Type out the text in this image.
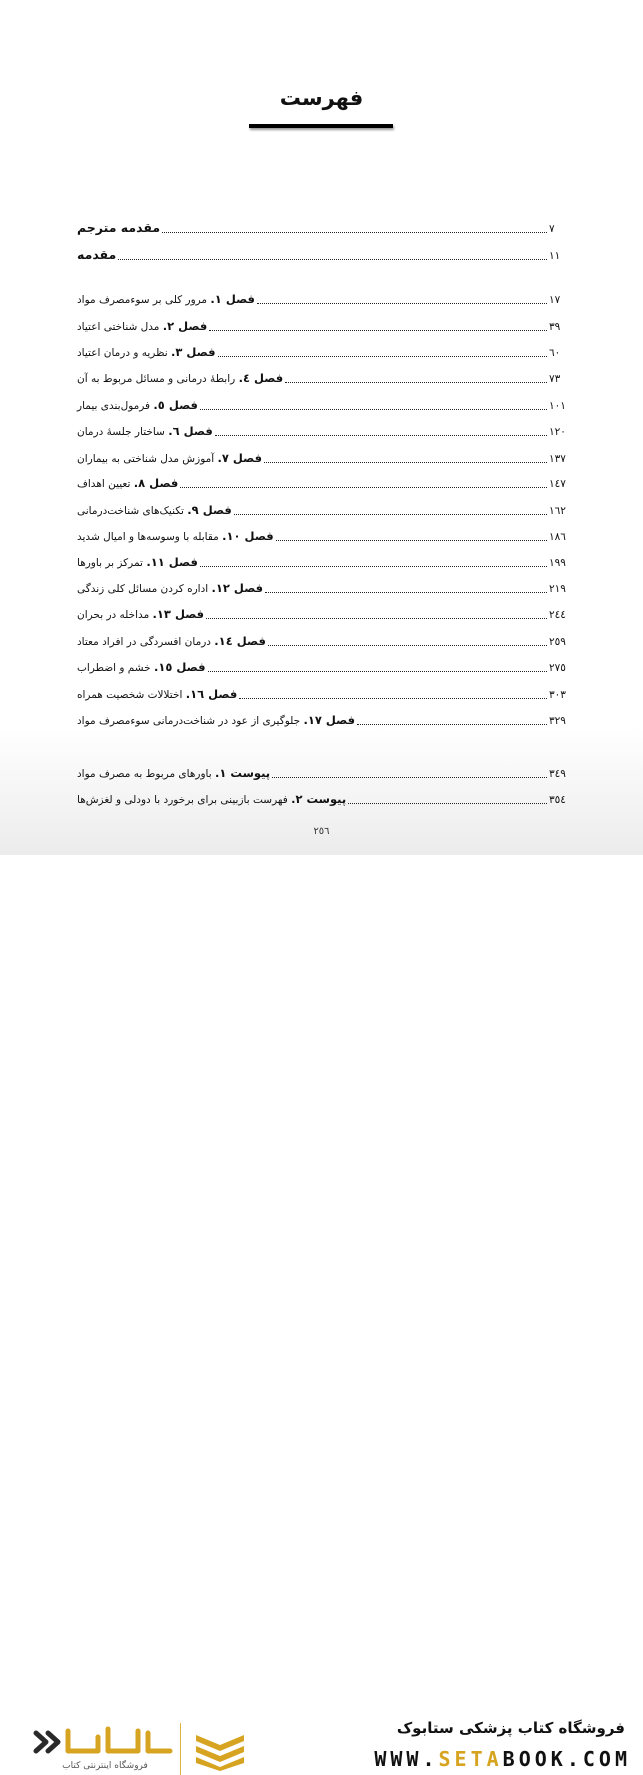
فهرست
مقدمه مترجم	٧
مقدمه	١١
فصل ١. مرور کلی بر سوءمصرف مواد	١٧
فصل ٢. مدل شناختی اعتیاد	٣٩
فصل ٣. نظریه و درمان اعتیاد	٦٠
فصل ٤. رابطهٔ درمانی و مسائل مربوط به آن	٧٣
فصل ٥. فرمول‌بندی بیمار	١٠١
فصل ٦. ساختار جلسهٔ درمان	١٢٠
فصل ٧. آموزش مدل شناختی به بیماران	١٣٧
فصل ٨. تعیین اهداف	١٤٧
فصل ٩. تکنیک‌های شناخت‌درمانی	١٦٢
فصل ١٠. مقابله با وسوسه‌ها و امیال شدید	١٨٦
فصل ١١. تمرکز بر باورها	١٩٩
فصل ١٢. اداره کردن مسائل کلی زندگی	٢١٩
فصل ١٣. مداخله در بحران	٢٤٤
فصل ١٤. درمان افسردگی در افراد معتاد	٢٥٩
فصل ١٥. خشم و اضطراب	٢٧٥
فصل ١٦. اختلالات شخصیت همراه	٣٠٣
فصل ١٧. جلوگیری از عود در شناخت‌درمانی سوءمصرف مواد	٣٢٩
پیوست ١. باورهای مربوط به مصرف مواد	٣٤٩
پیوست ٢. فهرست بازبینی برای برخورد با دودلی و لغزش‌ها	٣٥٤
٢٥٦
فروشگاه اینترنتی کتاب
فروشگاه کتاب پزشکی ستابوک
WWW.SETABOOK.COM
